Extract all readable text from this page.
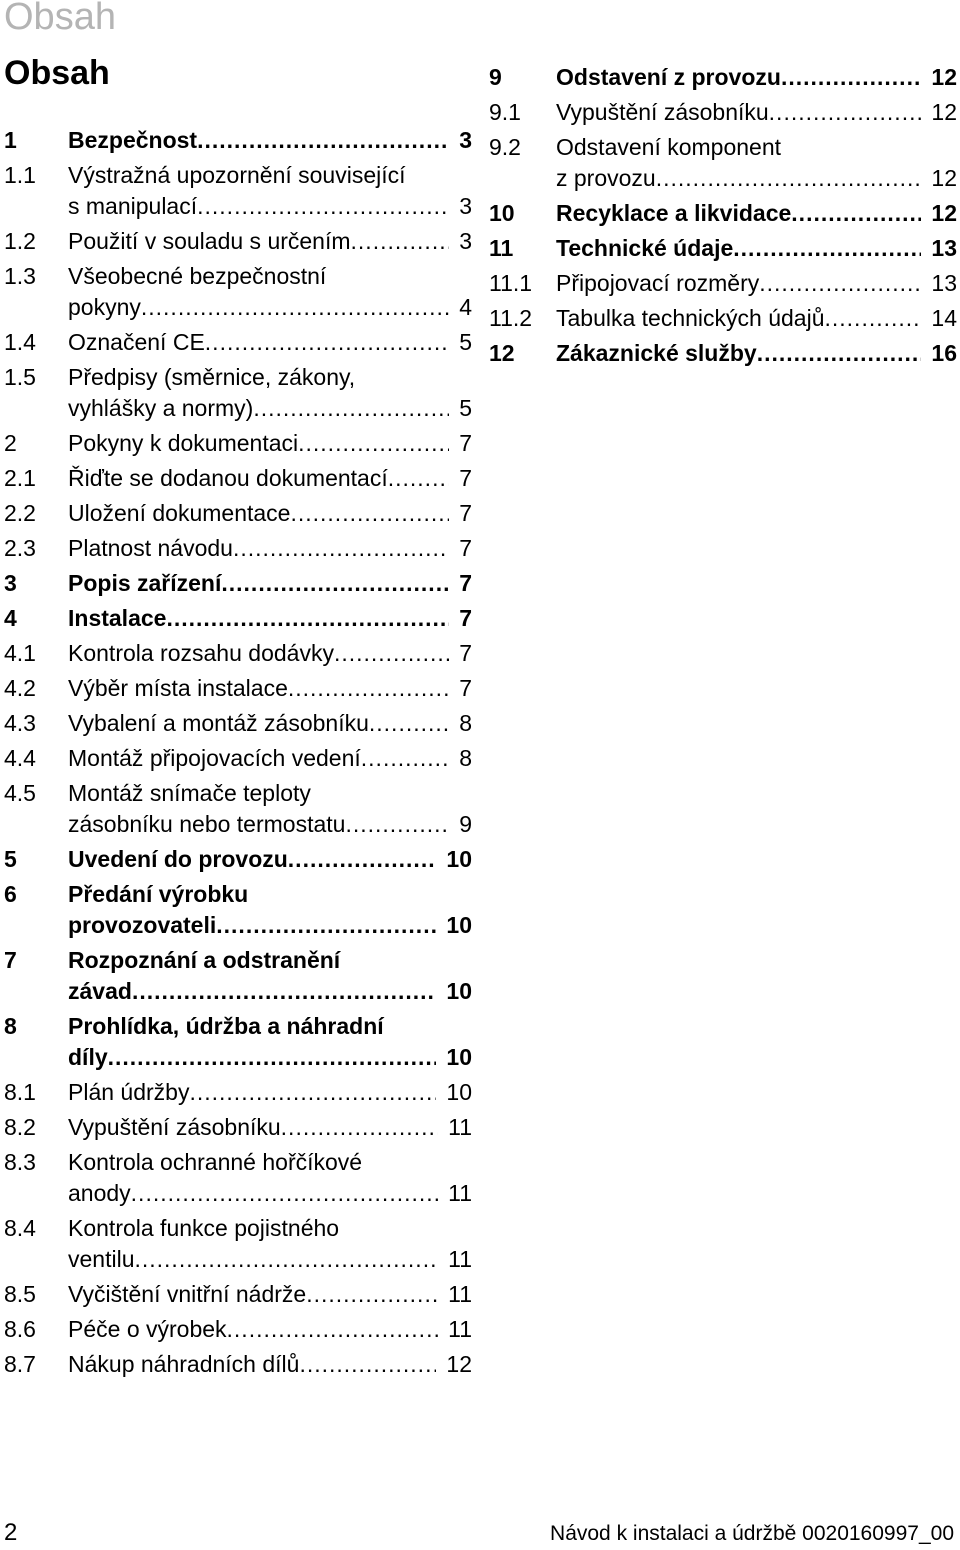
Obsah
Obsah
1	Bezpečnost .....	3
1.1	Výstražná upozornění související
s manipulací .....	3
1.2	Použití v souladu s určením .....	3
1.3	Všeobecné bezpečnostní
pokyny .....	4
1.4	Označení CE .....	5
1.5	Předpisy (směrnice, zákony,
vyhlášky a normy) .....	5
2	Pokyny k dokumentaci .....	7
2.1	Řiďte se dodanou dokumentací .....	7
2.2	Uložení dokumentace .....	7
2.3	Platnost návodu .....	7
3	Popis zařízení .....	7
4	Instalace .....	7
4.1	Kontrola rozsahu dodávky .....	7
4.2	Výběr místa instalace .....	7
4.3	Vybalení a montáž zásobníku .....	8
4.4	Montáž připojovacích vedení .....	8
4.5	Montáž snímače teploty
zásobníku nebo termostatu .....	9
5	Uvedení do provozu .....	10
6	Předání výrobku
provozovateli .....	10
7	Rozpoznání a odstranění
závad .....	10
8	Prohlídka, údržba a náhradní
díly .....	10
8.1	Plán údržby .....	10
8.2	Vypuštění zásobníku .....	11
8.3	Kontrola ochranné hořčíkové
anody .....	11
8.4	Kontrola funkce pojistného
ventilu .....	11
8.5	Vyčištění vnitřní nádrže .....	11
8.6	Péče o výrobek .....	11
8.7	Nákup náhradních dílů .....	12
9	Odstavení z provozu .....	12
9.1	Vypuštění zásobníku .....	12
9.2	Odstavení komponent
z provozu .....	12
10	Recyklace a likvidace .....	12
11	Technické údaje .....	13
11.1	Připojovací rozměry .....	13
11.2	Tabulka technických údajů .....	14
12	Zákaznické služby .....	16
2	Návod k instalaci a údržbě 0020160997_00
